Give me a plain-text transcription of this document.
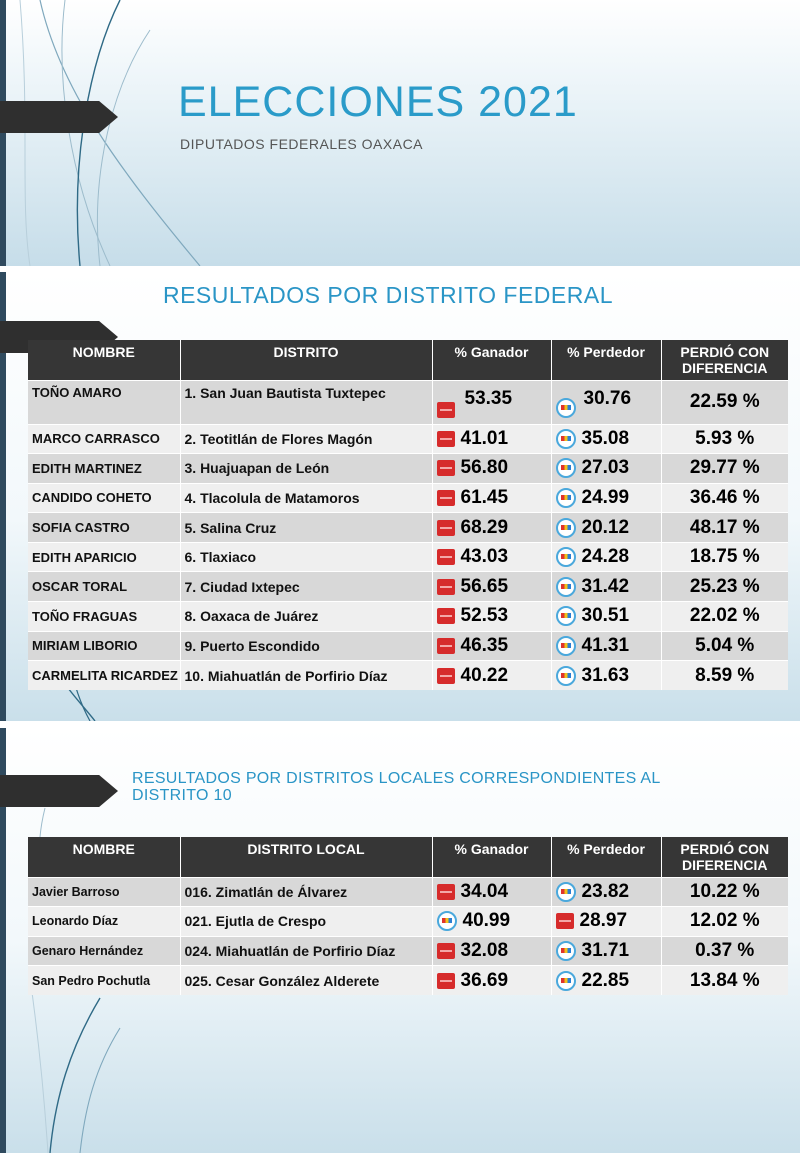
ELECCIONES 2021
DIPUTADOS FEDERALES OAXACA
RESULTADOS POR DISTRITO FEDERAL
NOMBRE	DISTRITO	% Ganador	% Perdedor	PERDIÓ CON DIFERENCIA
TOÑO AMARO	1. San Juan Bautista Tuxtepec	53.35	30.76	22.59 %
MARCO CARRASCO	2. Teotitlán de Flores Magón	41.01	35.08	5.93 %
EDITH MARTINEZ	3. Huajuapan de León	56.80	27.03	29.77 %
CANDIDO COHETO	4. Tlacolula de Matamoros	61.45	24.99	36.46 %
SOFIA CASTRO	5. Salina Cruz	68.29	20.12	48.17 %
EDITH APARICIO	6. Tlaxiaco	43.03	24.28	18.75 %
OSCAR TORAL	7. Ciudad Ixtepec	56.65	31.42	25.23 %
TOÑO FRAGUAS	8. Oaxaca de Juárez	52.53	30.51	22.02 %
MIRIAM LIBORIO	9. Puerto Escondido	46.35	41.31	5.04 %
CARMELITA RICARDEZ	10. Miahuatlán de Porfirio Díaz	40.22	31.63	8.59 %
RESULTADOS POR DISTRITOS LOCALES CORRESPONDIENTES AL DISTRITO 10
NOMBRE	DISTRITO LOCAL	% Ganador	% Perdedor	PERDIÓ CON DIFERENCIA
Javier Barroso	016. Zimatlán de Álvarez	34.04	23.82	10.22 %
Leonardo Díaz	021. Ejutla de Crespo	40.99	28.97	12.02 %
Genaro Hernández	024. Miahuatlán de Porfirio Díaz	32.08	31.71	0.37 %
San Pedro Pochutla	025. Cesar González Alderete	36.69	22.85	13.84 %
